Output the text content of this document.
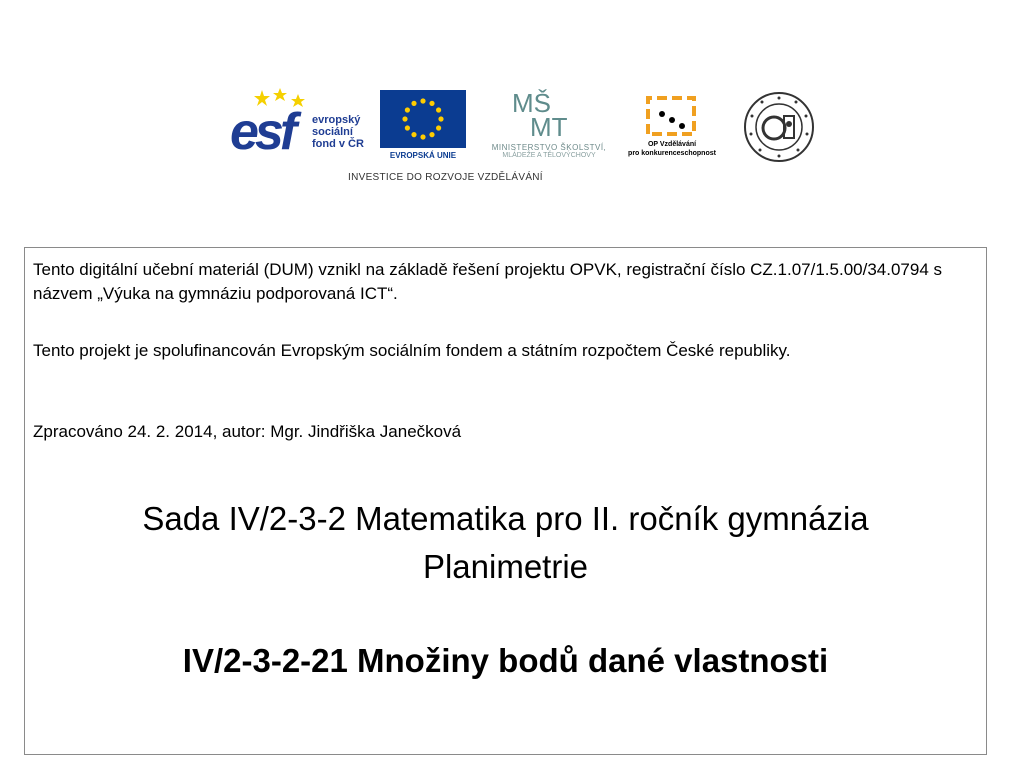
esf evropský
sociální
fond v ČR
EVROPSKÁ UNIE
MŠ
MT
MINISTERSTVO ŠKOLSTVÍ,
MLÁDEŽE A TĚLOVÝCHOVY
OP Vzdělávání
pro konkurenceschopnost
INVESTICE DO ROZVOJE VZDĚLÁVÁNÍ
Tento digitální učební materiál (DUM) vznikl na základě řešení projektu OPVK, registrační číslo CZ.1.07/1.5.00/34.0794 s názvem „Výuka na gymnáziu podporovaná ICT“.
Tento projekt je spolufinancován Evropským sociálním fondem a státním rozpočtem České republiky.
Zpracováno 24. 2. 2014, autor: Mgr. Jindřiška Janečková
Sada IV/2-3-2 Matematika pro II. ročník gymnázia
Planimetrie
IV/2-3-2-21 Množiny bodů dané vlastnosti
